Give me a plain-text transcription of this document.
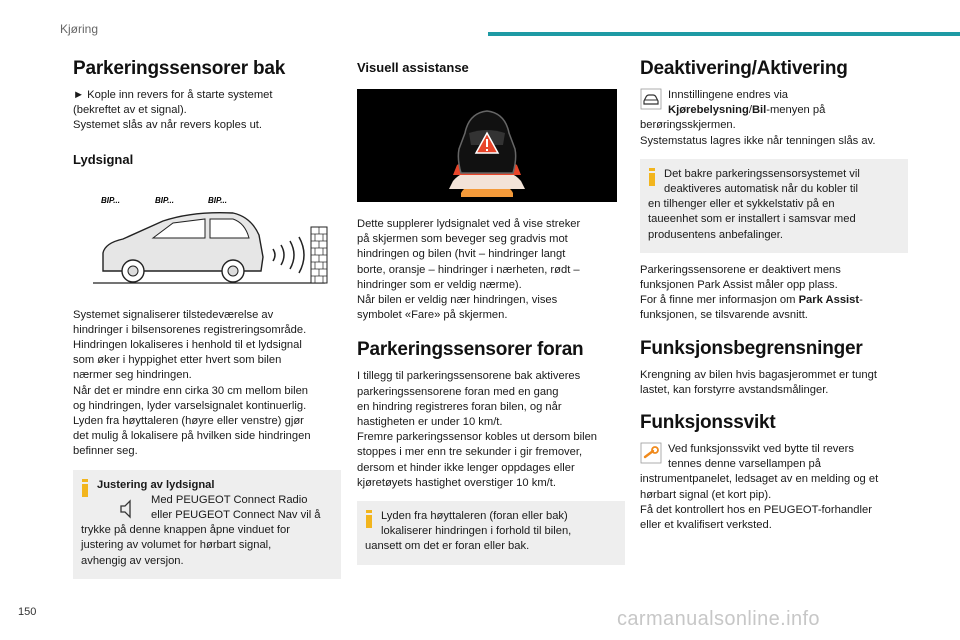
Kjøring
Parkeringssensorer bak
► Kople inn revers for å starte systemet
(bekreftet av et signal).
Systemet slås av når revers koples ut.
Lydsignal
BIP...	BIP...	BIP...
Systemet signaliserer tilstedeværelse av
hindringer i bilsensorenes registreringsområde.
Hindringen lokaliseres i henhold til et lydsignal
som øker i hyppighet etter hvert som bilen
nærmer seg hindringen.
Når det er mindre enn cirka 30 cm mellom bilen
og hindringen, lyder varselsignalet kontinuerlig.
Lyden fra høyttaleren (høyre eller venstre) gjør
det mulig å lokalisere på hvilken side hindringen
befinner seg.
Justering av lydsignal
Med PEUGEOT Connect Radio
eller PEUGEOT Connect Nav vil å
trykke på denne knappen åpne vinduet for
justering av volumet for hørbart signal,
avhengig av versjon.
Visuell assistanse
Dette supplerer lydsignalet ved å vise streker
på skjermen som beveger seg gradvis mot
hindringen og bilen (hvit – hindringer langt
borte, oransje – hindringer i nærheten, rødt –
hindringer som er veldig nærme).
Når bilen er veldig nær hindringen, vises
symbolet «Fare» på skjermen.
Parkeringssensorer foran
I tillegg til parkeringssensorene bak aktiveres
parkeringssensorene foran med en gang
en hindring registreres foran bilen, og når
hastigheten er under 10 km/t.
Fremre parkeringssensor kobles ut dersom bilen
stoppes i mer enn tre sekunder i gir fremover,
dersom et hinder ikke lenger oppdages eller
kjøretøyets hastighet overstiger 10 km/t.
Lyden fra høyttaleren (foran eller bak)
lokaliserer hindringen i forhold til bilen,
uansett om det er foran eller bak.
Deaktivering/Aktivering
Innstillingene endres via
Kjørebelysning/Bil-menyen på
berøringsskjermen.
Systemstatus lagres ikke når tenningen slås av.
Det bakre parkeringssensorsystemet vil
deaktiveres automatisk når du kobler til
en tilhenger eller et sykkelstativ på en
taueenhet som er installert i samsvar med
produsentens anbefalinger.
Parkeringssensorene er deaktivert mens
funksjonen Park Assist måler opp plass.
For å finne mer informasjon om Park Assist-
funksjonen, se tilsvarende avsnitt.
Funksjonsbegrensninger
Krengning av bilen hvis bagasjerommet er tungt
lastet, kan forstyrre avstandsmålinger.
Funksjonssvikt
Ved funksjonssvikt ved bytte til revers
tennes denne varsellampen på
instrumentpanelet, ledsaget av en melding og et
hørbart signal (et kort pip).
Få det kontrollert hos en PEUGEOT-forhandler
eller et kvalifisert verksted.
150	carmanualsonline.info
